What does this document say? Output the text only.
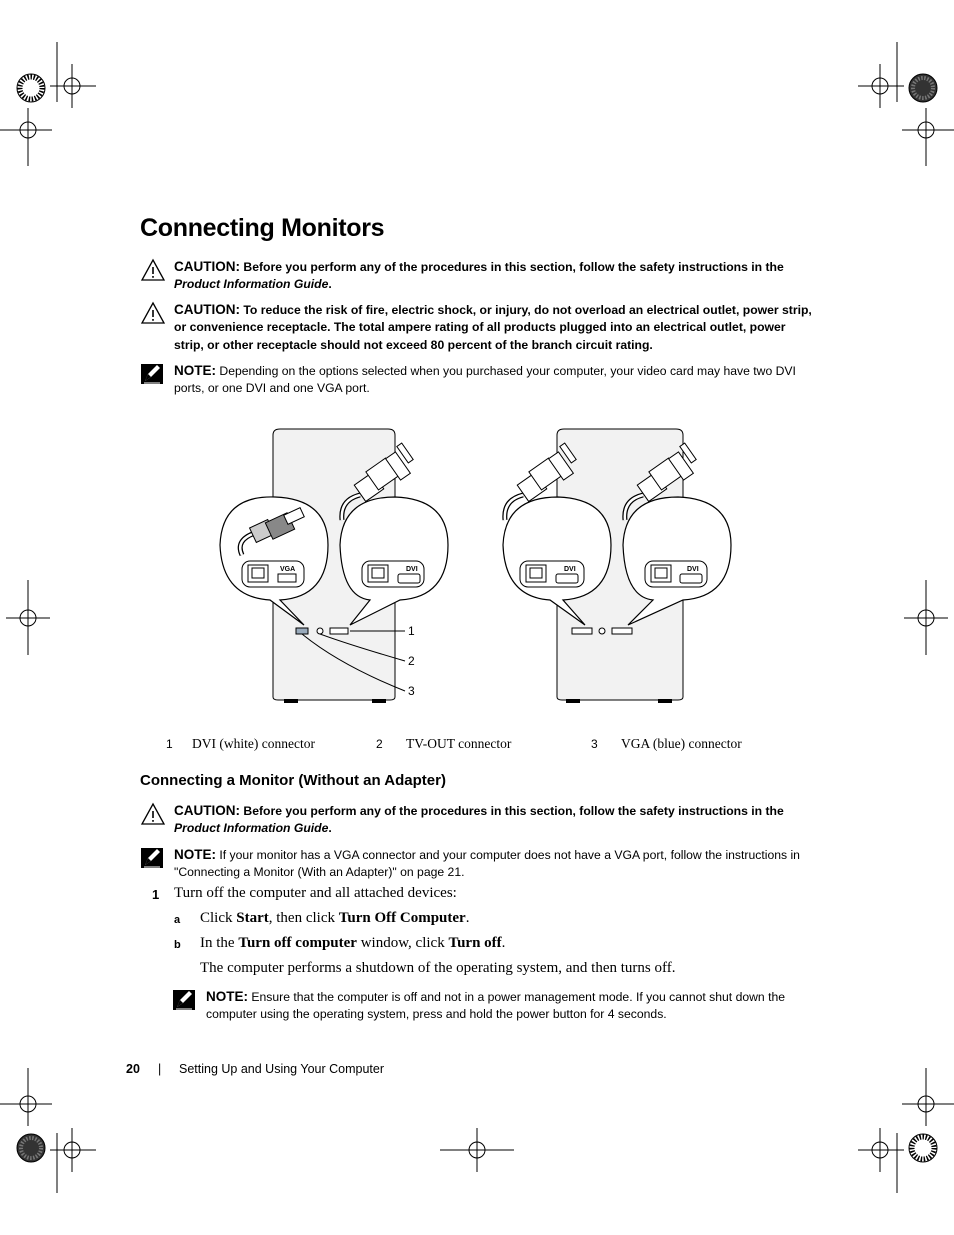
Connecting Monitors
CAUTION: Before you perform any of the procedures in this section, follow the safety instructions in the Product Information Guide.
CAUTION: To reduce the risk of fire, electric shock, or injury, do not overload an electrical outlet, power strip, or convenience receptacle. The total ampere rating of all products plugged into an electrical outlet, power strip, or other receptacle should not exceed 80 percent of the branch circuit rating.
NOTE: Depending on the options selected when you purchased your computer, your video card may have two DVI ports, or one DVI and one VGA port.
VGA	DVI
1
2
3
DVI	DVI
1 DVI (white) connector	2 TV-OUT connector	3 VGA (blue) connector
Connecting a Monitor (Without an Adapter)
CAUTION: Before you perform any of the procedures in this section, follow the safety instructions in the Product Information Guide.
NOTE: If your monitor has a VGA connector and your computer does not have a VGA port, follow the instructions in "Connecting a Monitor (With an Adapter)" on page 21.
1 Turn off the computer and all attached devices:
a Click Start, then click Turn Off Computer.
b In the Turn off computer window, click Turn off.
The computer performs a shutdown of the operating system, and then turns off.
NOTE: Ensure that the computer is off and not in a power management mode. If you cannot shut down the computer using the operating system, press and hold the power button for 4 seconds.
20 | Setting Up and Using Your Computer
